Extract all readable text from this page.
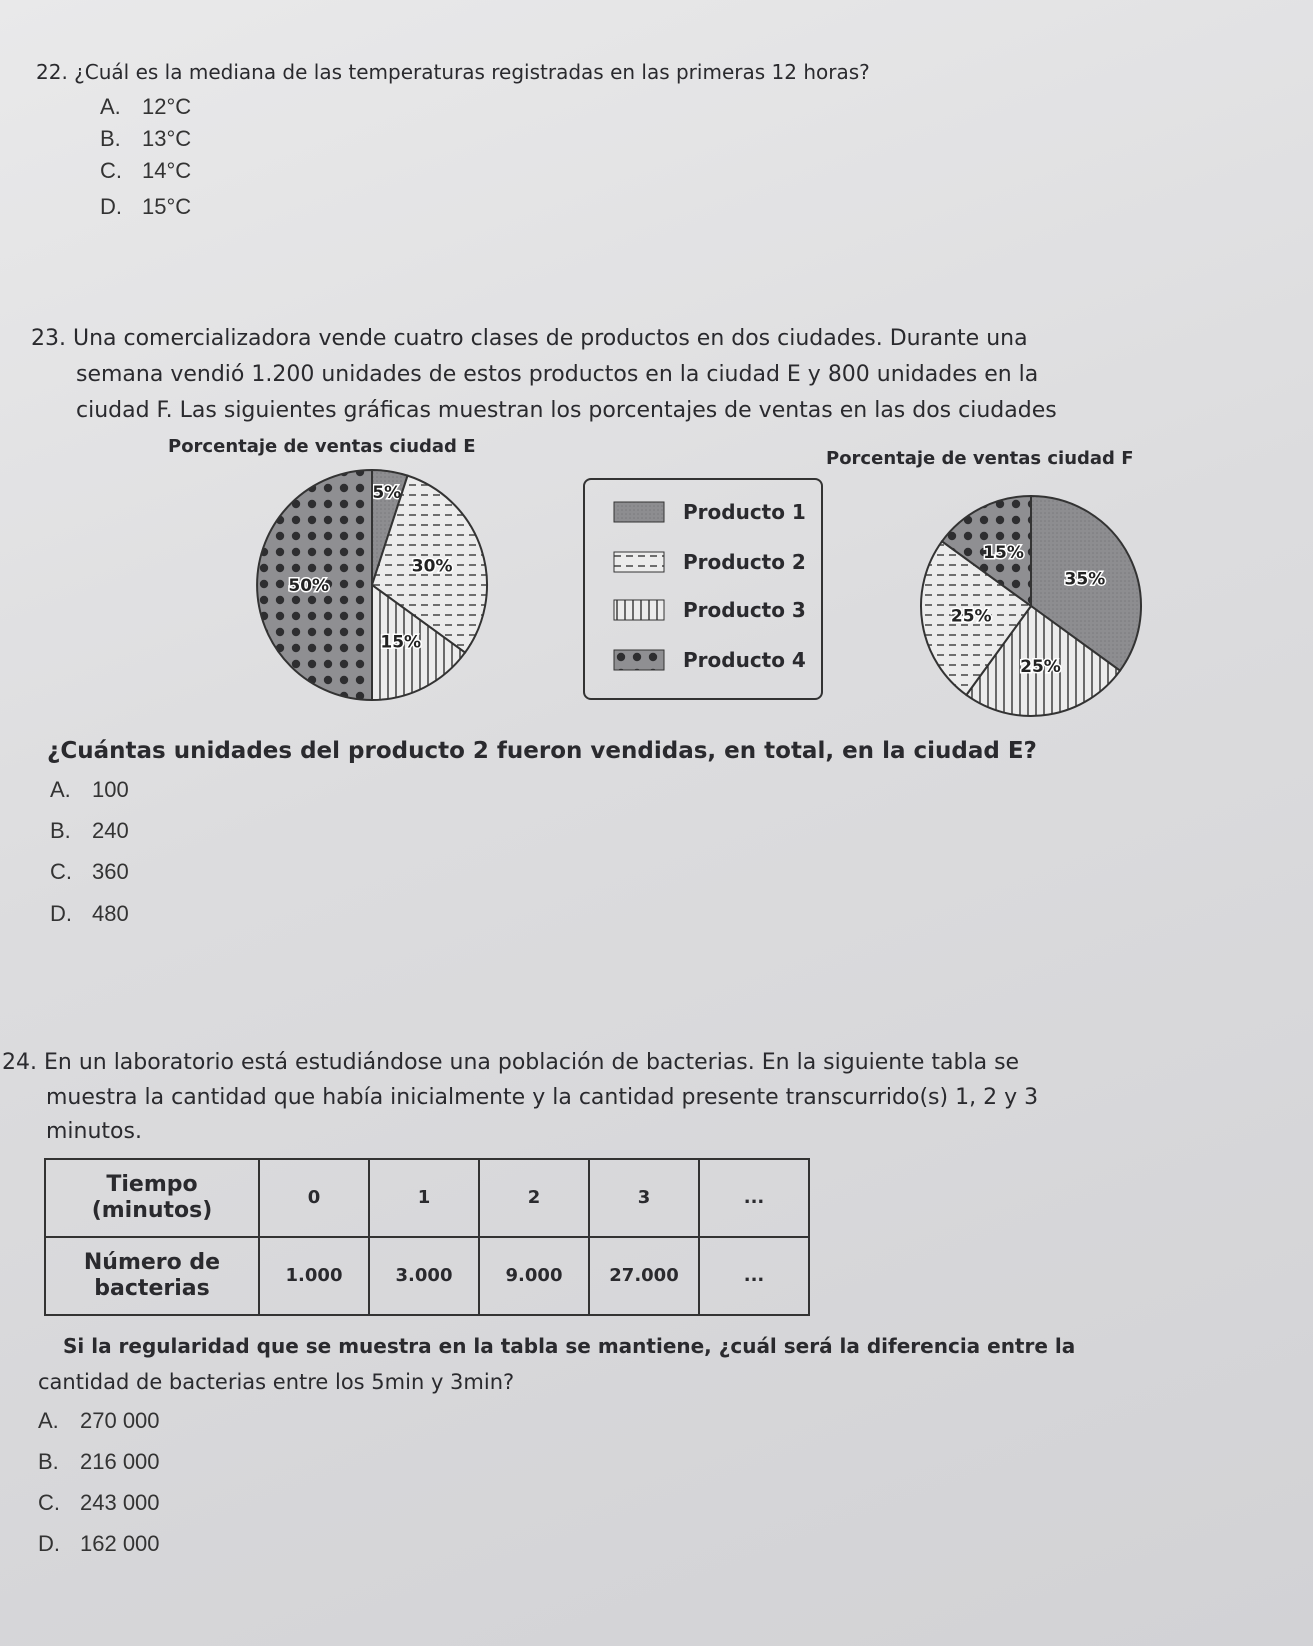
22. ¿Cuál es la mediana de las temperaturas registradas en las primeras 12 horas?
A. 12°C
B. 13°C
C. 14°C
D. 15°C
23. Una comercializadora vende cuatro clases de productos en dos ciudades. Durante una
semana vendió 1.200 unidades de estos productos en la ciudad E y 800 unidades en la
ciudad F. Las siguientes gráficas muestran los porcentajes de ventas en las dos ciudades
Porcentaje de ventas ciudad E
Porcentaje de ventas ciudad F
5%
30%
15%
50%	35%
25%
25%
15%
Producto 1
Producto 2
Producto 3
Producto 4
¿Cuántas unidades del producto 2 fueron vendidas, en total, en la ciudad E?
A. 100
B. 240
C. 360
D. 480
24. En un laboratorio está estudiándose una población de bacterias. En la siguiente tabla se
muestra la cantidad que había inicialmente y la cantidad presente transcurrido(s) 1, 2 y 3
minutos.
Tiempo (minutos)	0	1	2	3	...
Número de bacterias	1.000	3.000	9.000	27.000	...
Si la regularidad que se muestra en la tabla se mantiene, ¿cuál será la diferencia entre la
cantidad de bacterias entre los 5min y 3min?
A. 270 000
B. 216 000
C. 243 000
D. 162 000
